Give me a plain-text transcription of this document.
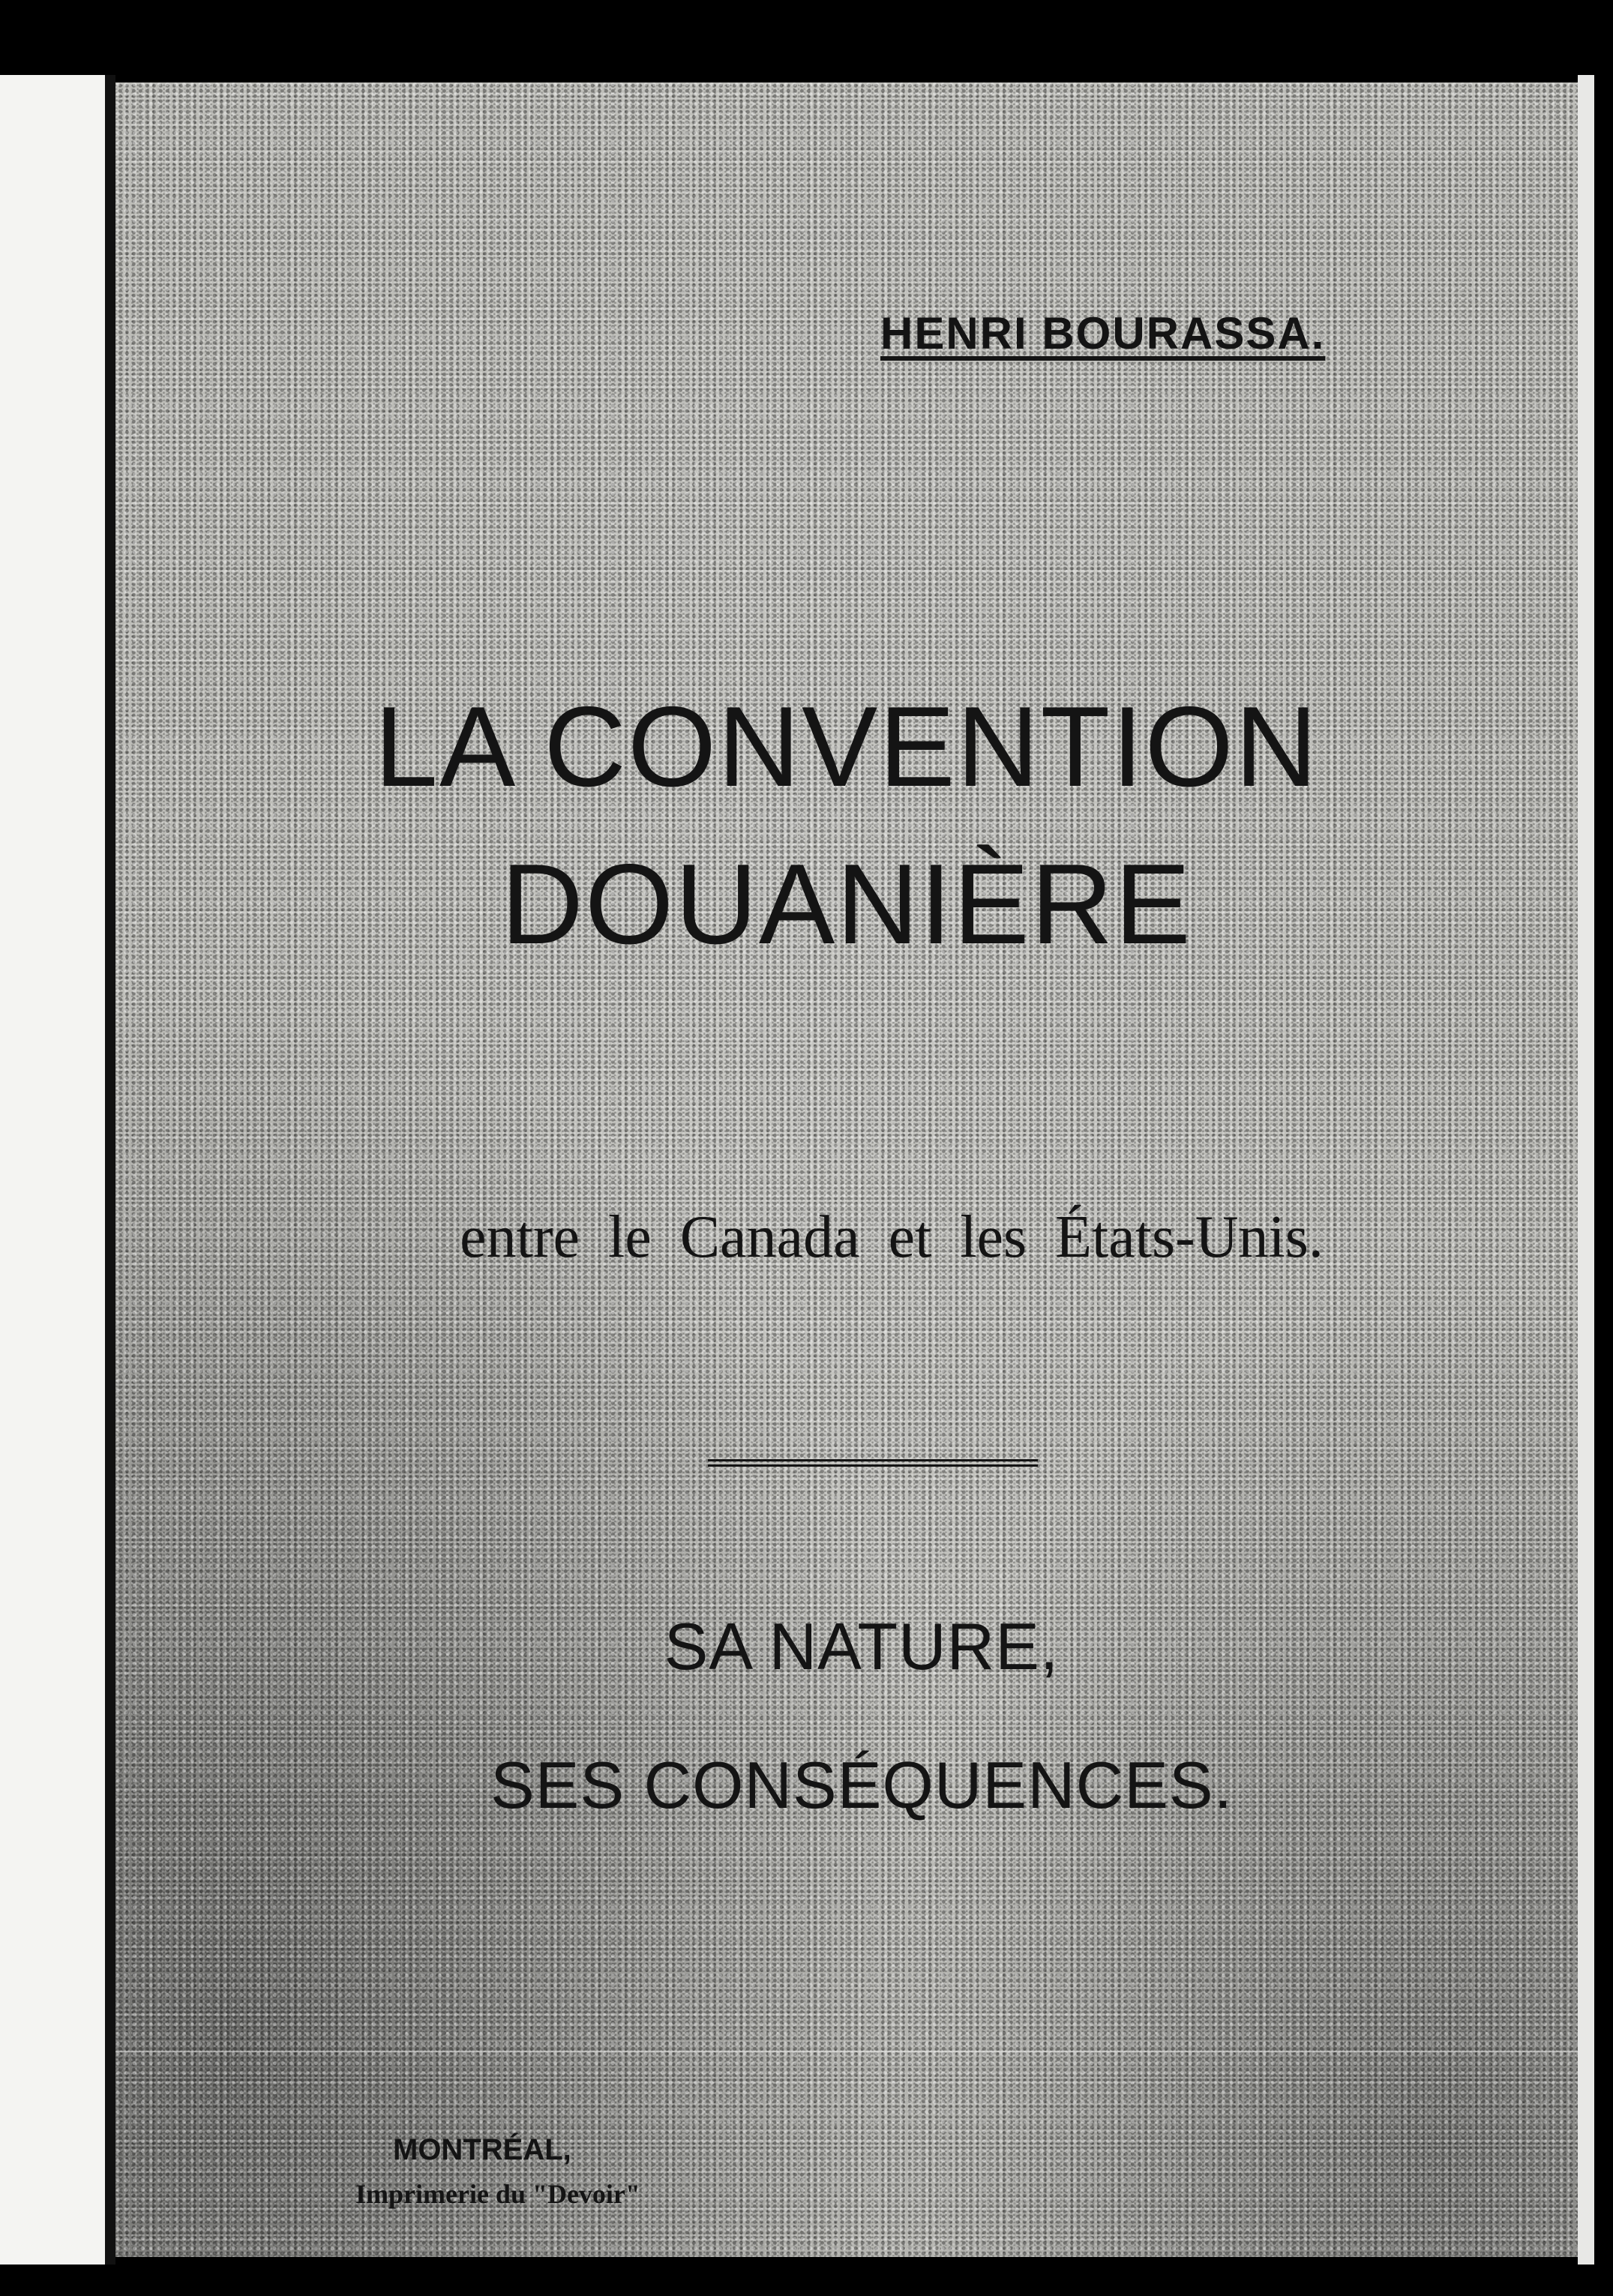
HENRI BOURASSA.
LA CONVENTION
DOUANIÈRE
entre le Canada et les États-Unis.
SA NATURE,
SES CONSÉQUENCES.
MONTRÉAL,
Imprimerie du "Devoir"
